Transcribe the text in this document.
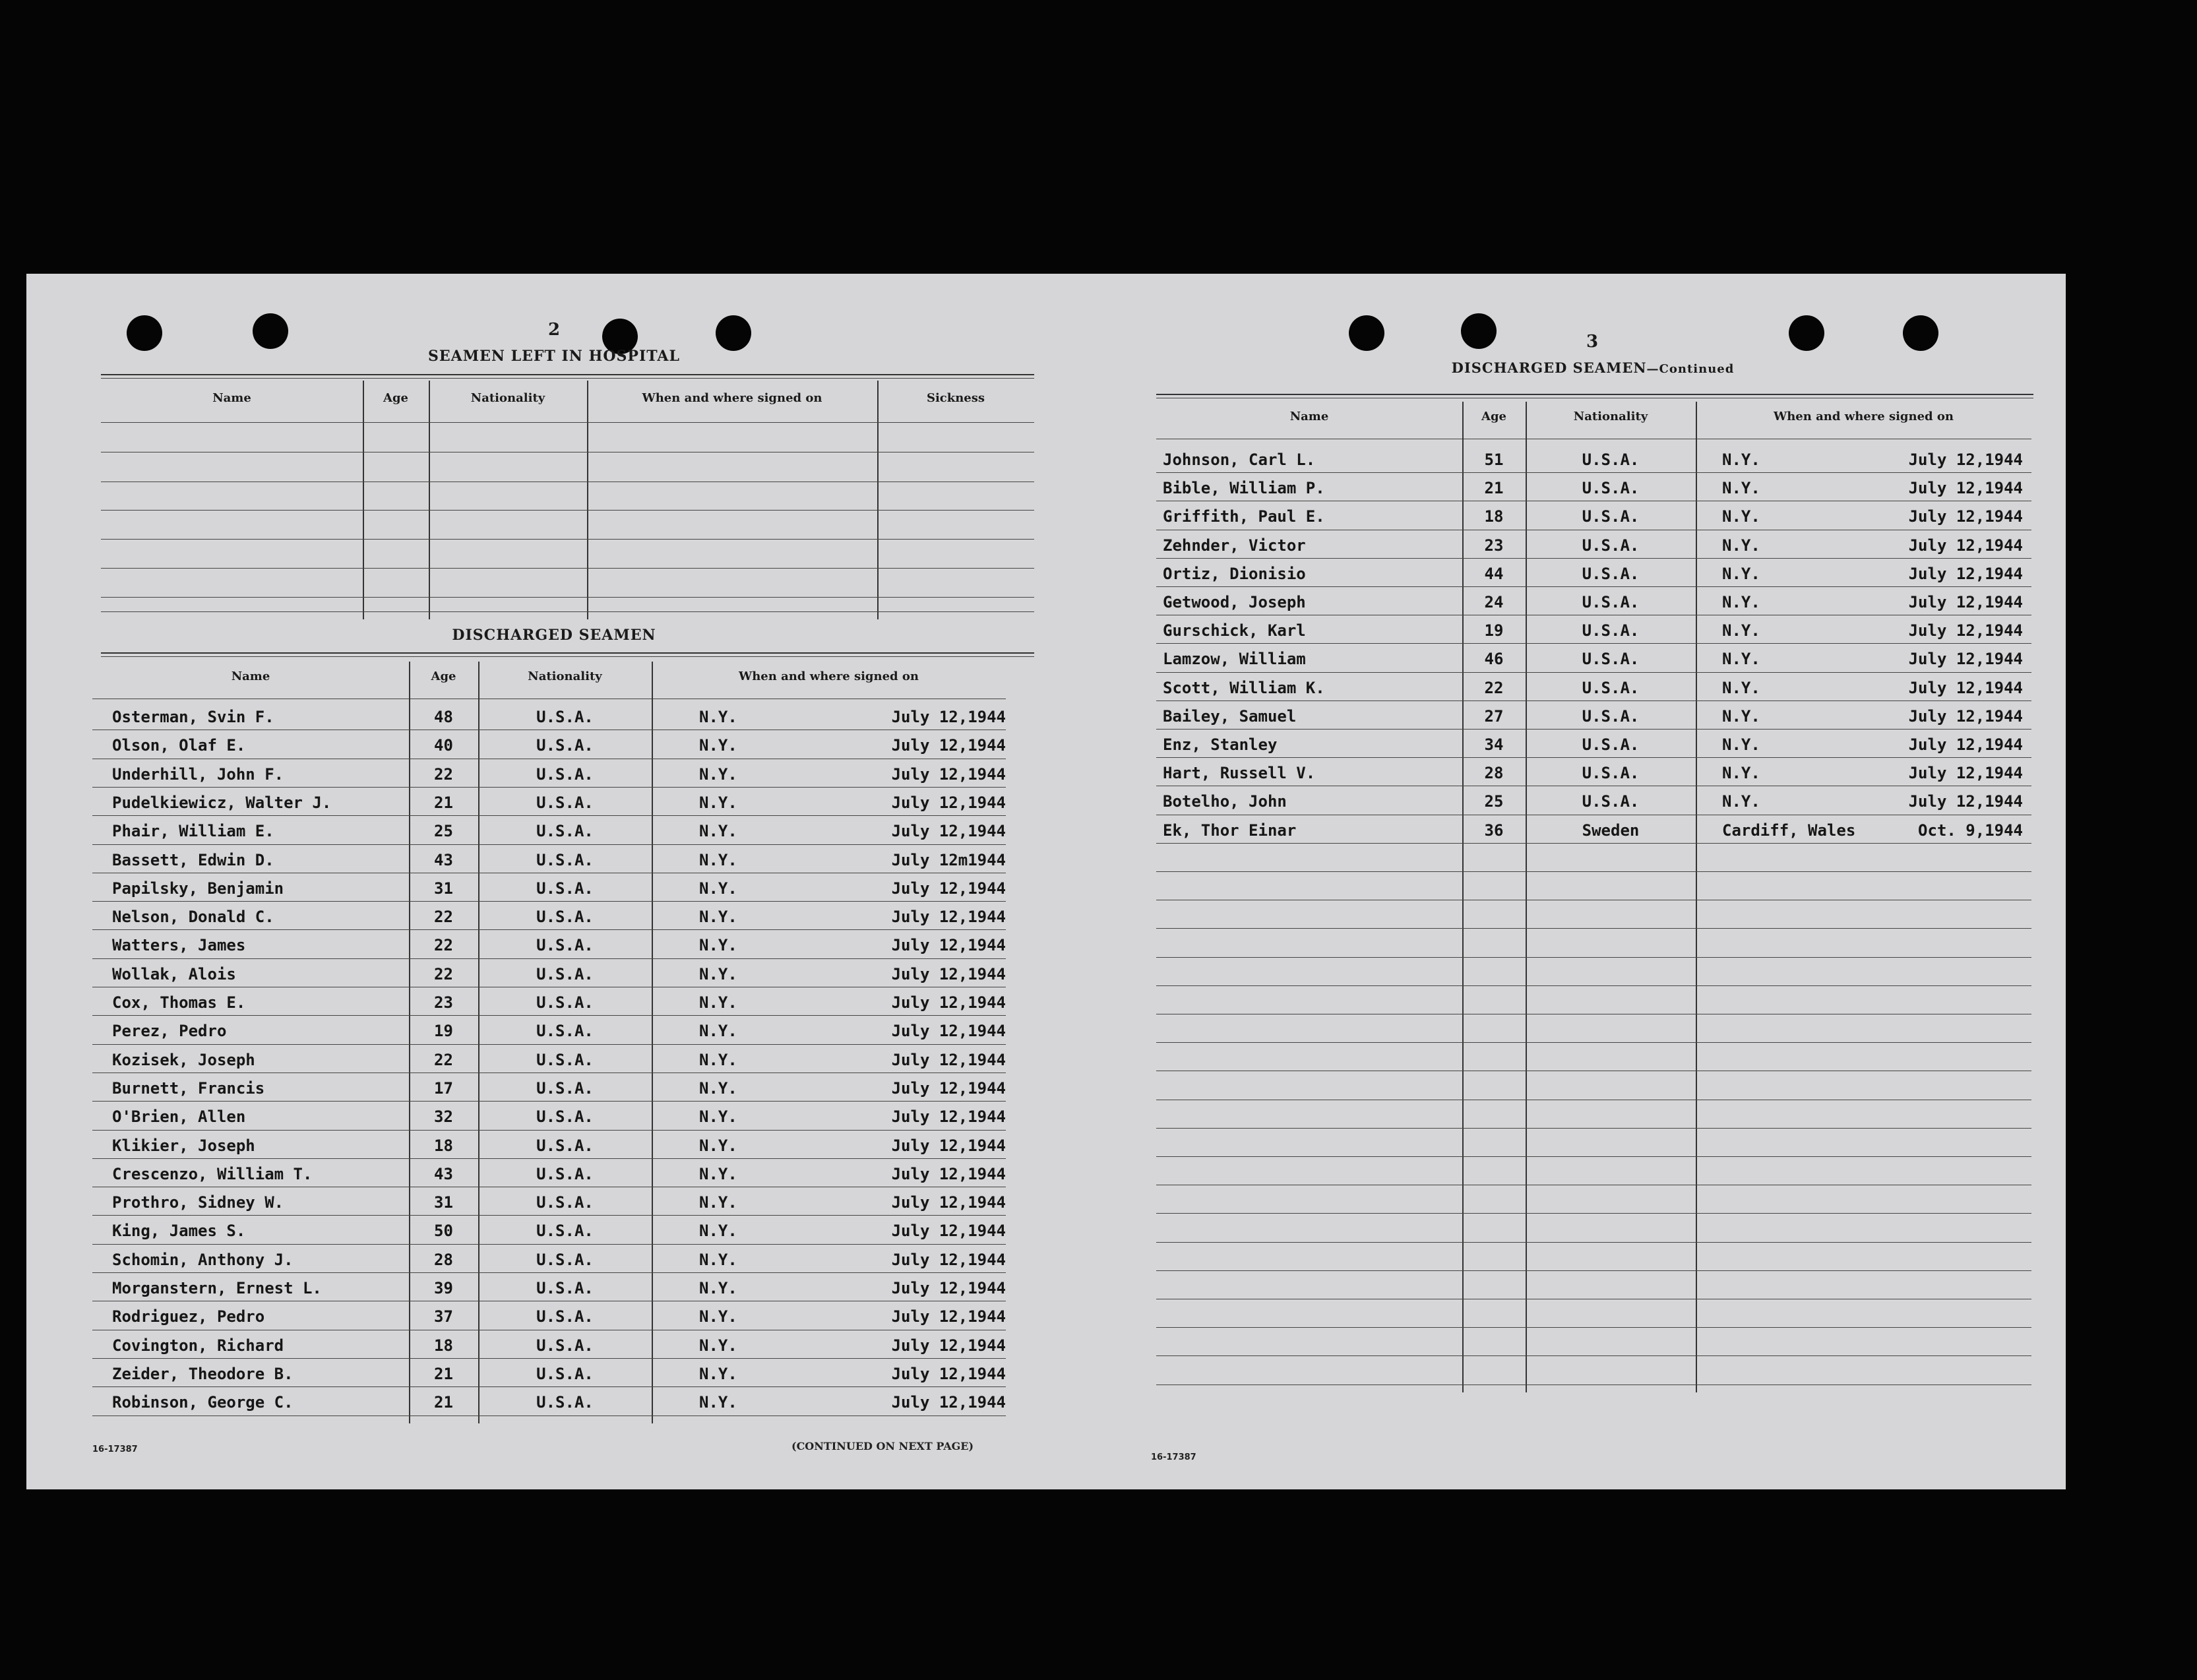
2
SEAMEN LEFT IN HOSPITAL
Name	Age	Nationality	When and where signed on	Sickness
DISCHARGED SEAMEN
Name	Age	Nationality	When and where signed on
Osterman, Svin F.	48	U.S.A.	N.Y.	July 12,1944
Olson, Olaf E.	40	U.S.A.	N.Y.	July 12,1944
Underhill, John F.	22	U.S.A.	N.Y.	July 12,1944
Pudelkiewicz, Walter J.	21	U.S.A.	N.Y.	July 12,1944
Phair, William E.	25	U.S.A.	N.Y.	July 12,1944
Bassett, Edwin D.	43	U.S.A.	N.Y.	July 12m1944
Papilsky, Benjamin	31	U.S.A.	N.Y.	July 12,1944
Nelson, Donald C.	22	U.S.A.	N.Y.	July 12,1944
Watters, James	22	U.S.A.	N.Y.	July 12,1944
Wollak, Alois	22	U.S.A.	N.Y.	July 12,1944
Cox, Thomas E.	23	U.S.A.	N.Y.	July 12,1944
Perez, Pedro	19	U.S.A.	N.Y.	July 12,1944
Kozisek, Joseph	22	U.S.A.	N.Y.	July 12,1944
Burnett, Francis	17	U.S.A.	N.Y.	July 12,1944
O'Brien, Allen	32	U.S.A.	N.Y.	July 12,1944
Klikier, Joseph	18	U.S.A.	N.Y.	July 12,1944
Crescenzo, William T.	43	U.S.A.	N.Y.	July 12,1944
Prothro, Sidney W.	31	U.S.A.	N.Y.	July 12,1944
King, James S.	50	U.S.A.	N.Y.	July 12,1944
Schomin, Anthony J.	28	U.S.A.	N.Y.	July 12,1944
Morganstern, Ernest L.	39	U.S.A.	N.Y.	July 12,1944
Rodriguez, Pedro	37	U.S.A.	N.Y.	July 12,1944
Covington, Richard	18	U.S.A.	N.Y.	July 12,1944
Zeider, Theodore B.	21	U.S.A.	N.Y.	July 12,1944
Robinson, George C.	21	U.S.A.	N.Y.	July 12,1944
16-17387	(CONTINUED ON NEXT PAGE)
3
DISCHARGED SEAMEN—Continued
Name	Age	Nationality	When and where signed on
Johnson, Carl L.	51	U.S.A.	N.Y.	July 12,1944
Bible, William P.	21	U.S.A.	N.Y.	July 12,1944
Griffith, Paul E.	18	U.S.A.	N.Y.	July 12,1944
Zehnder, Victor	23	U.S.A.	N.Y.	July 12,1944
Ortiz, Dionisio	44	U.S.A.	N.Y.	July 12,1944
Getwood, Joseph	24	U.S.A.	N.Y.	July 12,1944
Gurschick, Karl	19	U.S.A.	N.Y.	July 12,1944
Lamzow, William	46	U.S.A.	N.Y.	July 12,1944
Scott, William K.	22	U.S.A.	N.Y.	July 12,1944
Bailey, Samuel	27	U.S.A.	N.Y.	July 12,1944
Enz, Stanley	34	U.S.A.	N.Y.	July 12,1944
Hart, Russell V.	28	U.S.A.	N.Y.	July 12,1944
Botelho, John	25	U.S.A.	N.Y.	July 12,1944
Ek, Thor Einar	36	Sweden	Cardiff, Wales	Oct. 9,1944
16-17387
